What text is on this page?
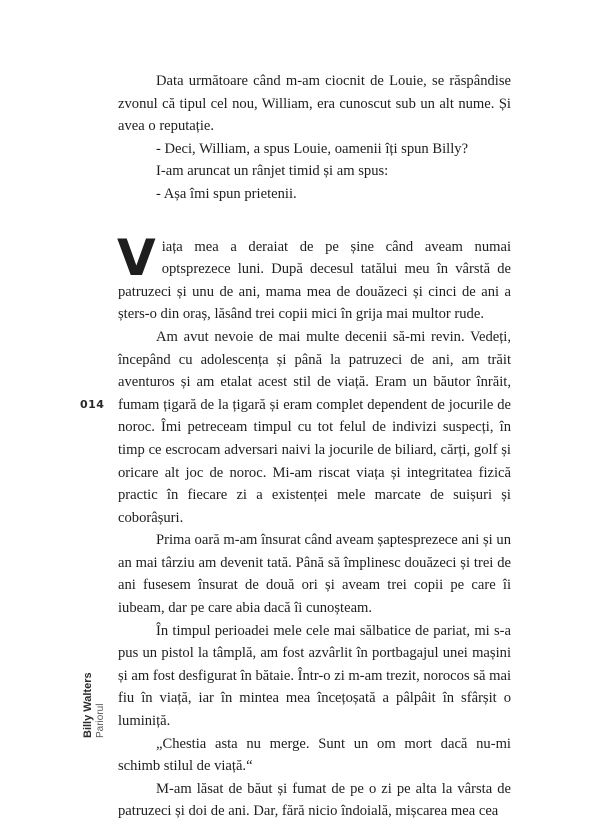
Data următoare când m-am ciocnit de Louie, se răspândise zvonul că tipul cel nou, William, era cunoscut sub un alt nume. Și avea o reputație.

- Deci, William, a spus Louie, oamenii îți spun Billy?

I-am aruncat un rânjet timid și am spus:

- Așa îmi spun prietenii.

Viața mea a deraiat de pe șine când aveam numai optsprezece luni. După decesul tatălui meu în vârstă de patruzeci și unu de ani, mama mea de douăzeci și cinci de ani a șters-o din oraș, lăsând trei copii mici în grija mai multor rude.

Am avut nevoie de mai multe decenii să-mi revin. Vedeți, începând cu adolescența și până la patruzeci de ani, am trăit aventuros și am etalat acest stil de viață. Eram un băutor înrăit, fumam țigară de la țigară și eram complet dependent de jocurile de noroc. Îmi petreceam timpul cu tot felul de indivizi suspecți, în timp ce escrocam adversari naivi la jocurile de biliard, cărți, golf și oricare alt joc de noroc. Mi-am riscat viața și integritatea fizică practic în fiecare zi a existenței mele marcate de suișuri și coborâșuri.

Prima oară m-am însurat când aveam șaptesprezece ani și un an mai târziu am devenit tată. Până să împlinesc douăzeci și trei de ani fusesem însurat de două ori și aveam trei copii pe care îi iubeam, dar pe care abia dacă îi cunoșteam.

În timpul perioadei mele cele mai sălbatice de pariat, mi s-a pus un pistol la tâmplă, am fost azvârlit în portbagajul unei mașini și am fost desfigurat în bătaie. Într-o zi m-am trezit, norocos să mai fiu în viață, iar în mintea mea încețoșată a pâlpâit în sfârșit o luminiță.

„Chestia asta nu merge. Sunt un om mort dacă nu-mi schimb stilul de viață.“

M-am lăsat de băut și fumat de pe o zi pe alta la vârsta de patruzeci și doi de ani. Dar, fără nicio îndoială, mișcarea mea cea

014
Billy Walters Pariorul
